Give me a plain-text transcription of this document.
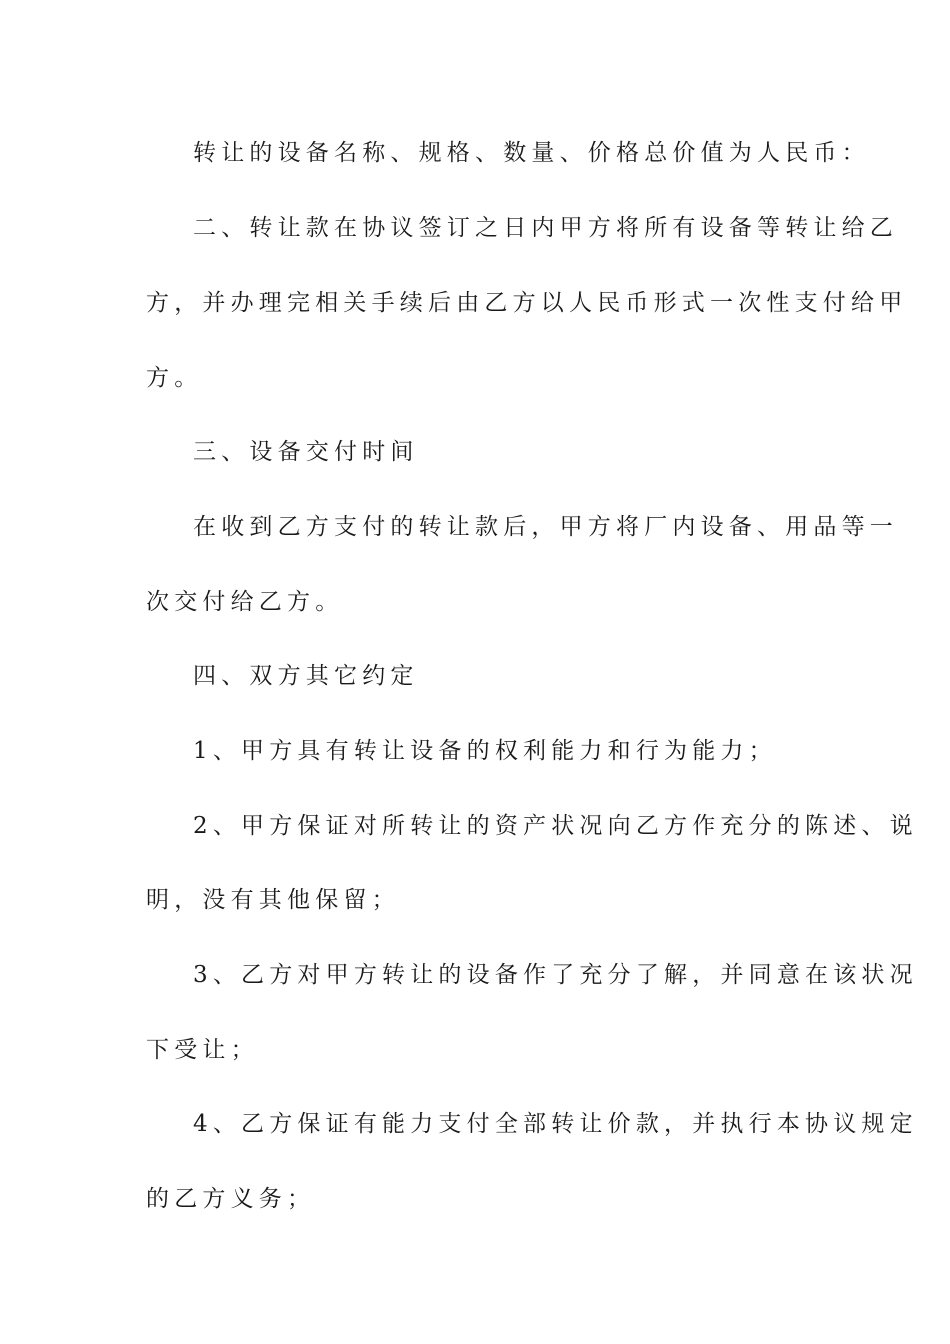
转让的设备名称、规格、数量、价格总价值为人民币：
二、转让款在协议签订之日内甲方将所有设备等转让给乙
方，并办理完相关手续后由乙方以人民币形式一次性支付给甲
方。
三、设备交付时间
在收到乙方支付的转让款后，甲方将厂内设备、用品等一
次交付给乙方。
四、双方其它约定
1、甲方具有转让设备的权利能力和行为能力；
2、甲方保证对所转让的资产状况向乙方作充分的陈述、说
明，没有其他保留；
3、乙方对甲方转让的设备作了充分了解，并同意在该状况
下受让；
4、乙方保证有能力支付全部转让价款，并执行本协议规定
的乙方义务；
